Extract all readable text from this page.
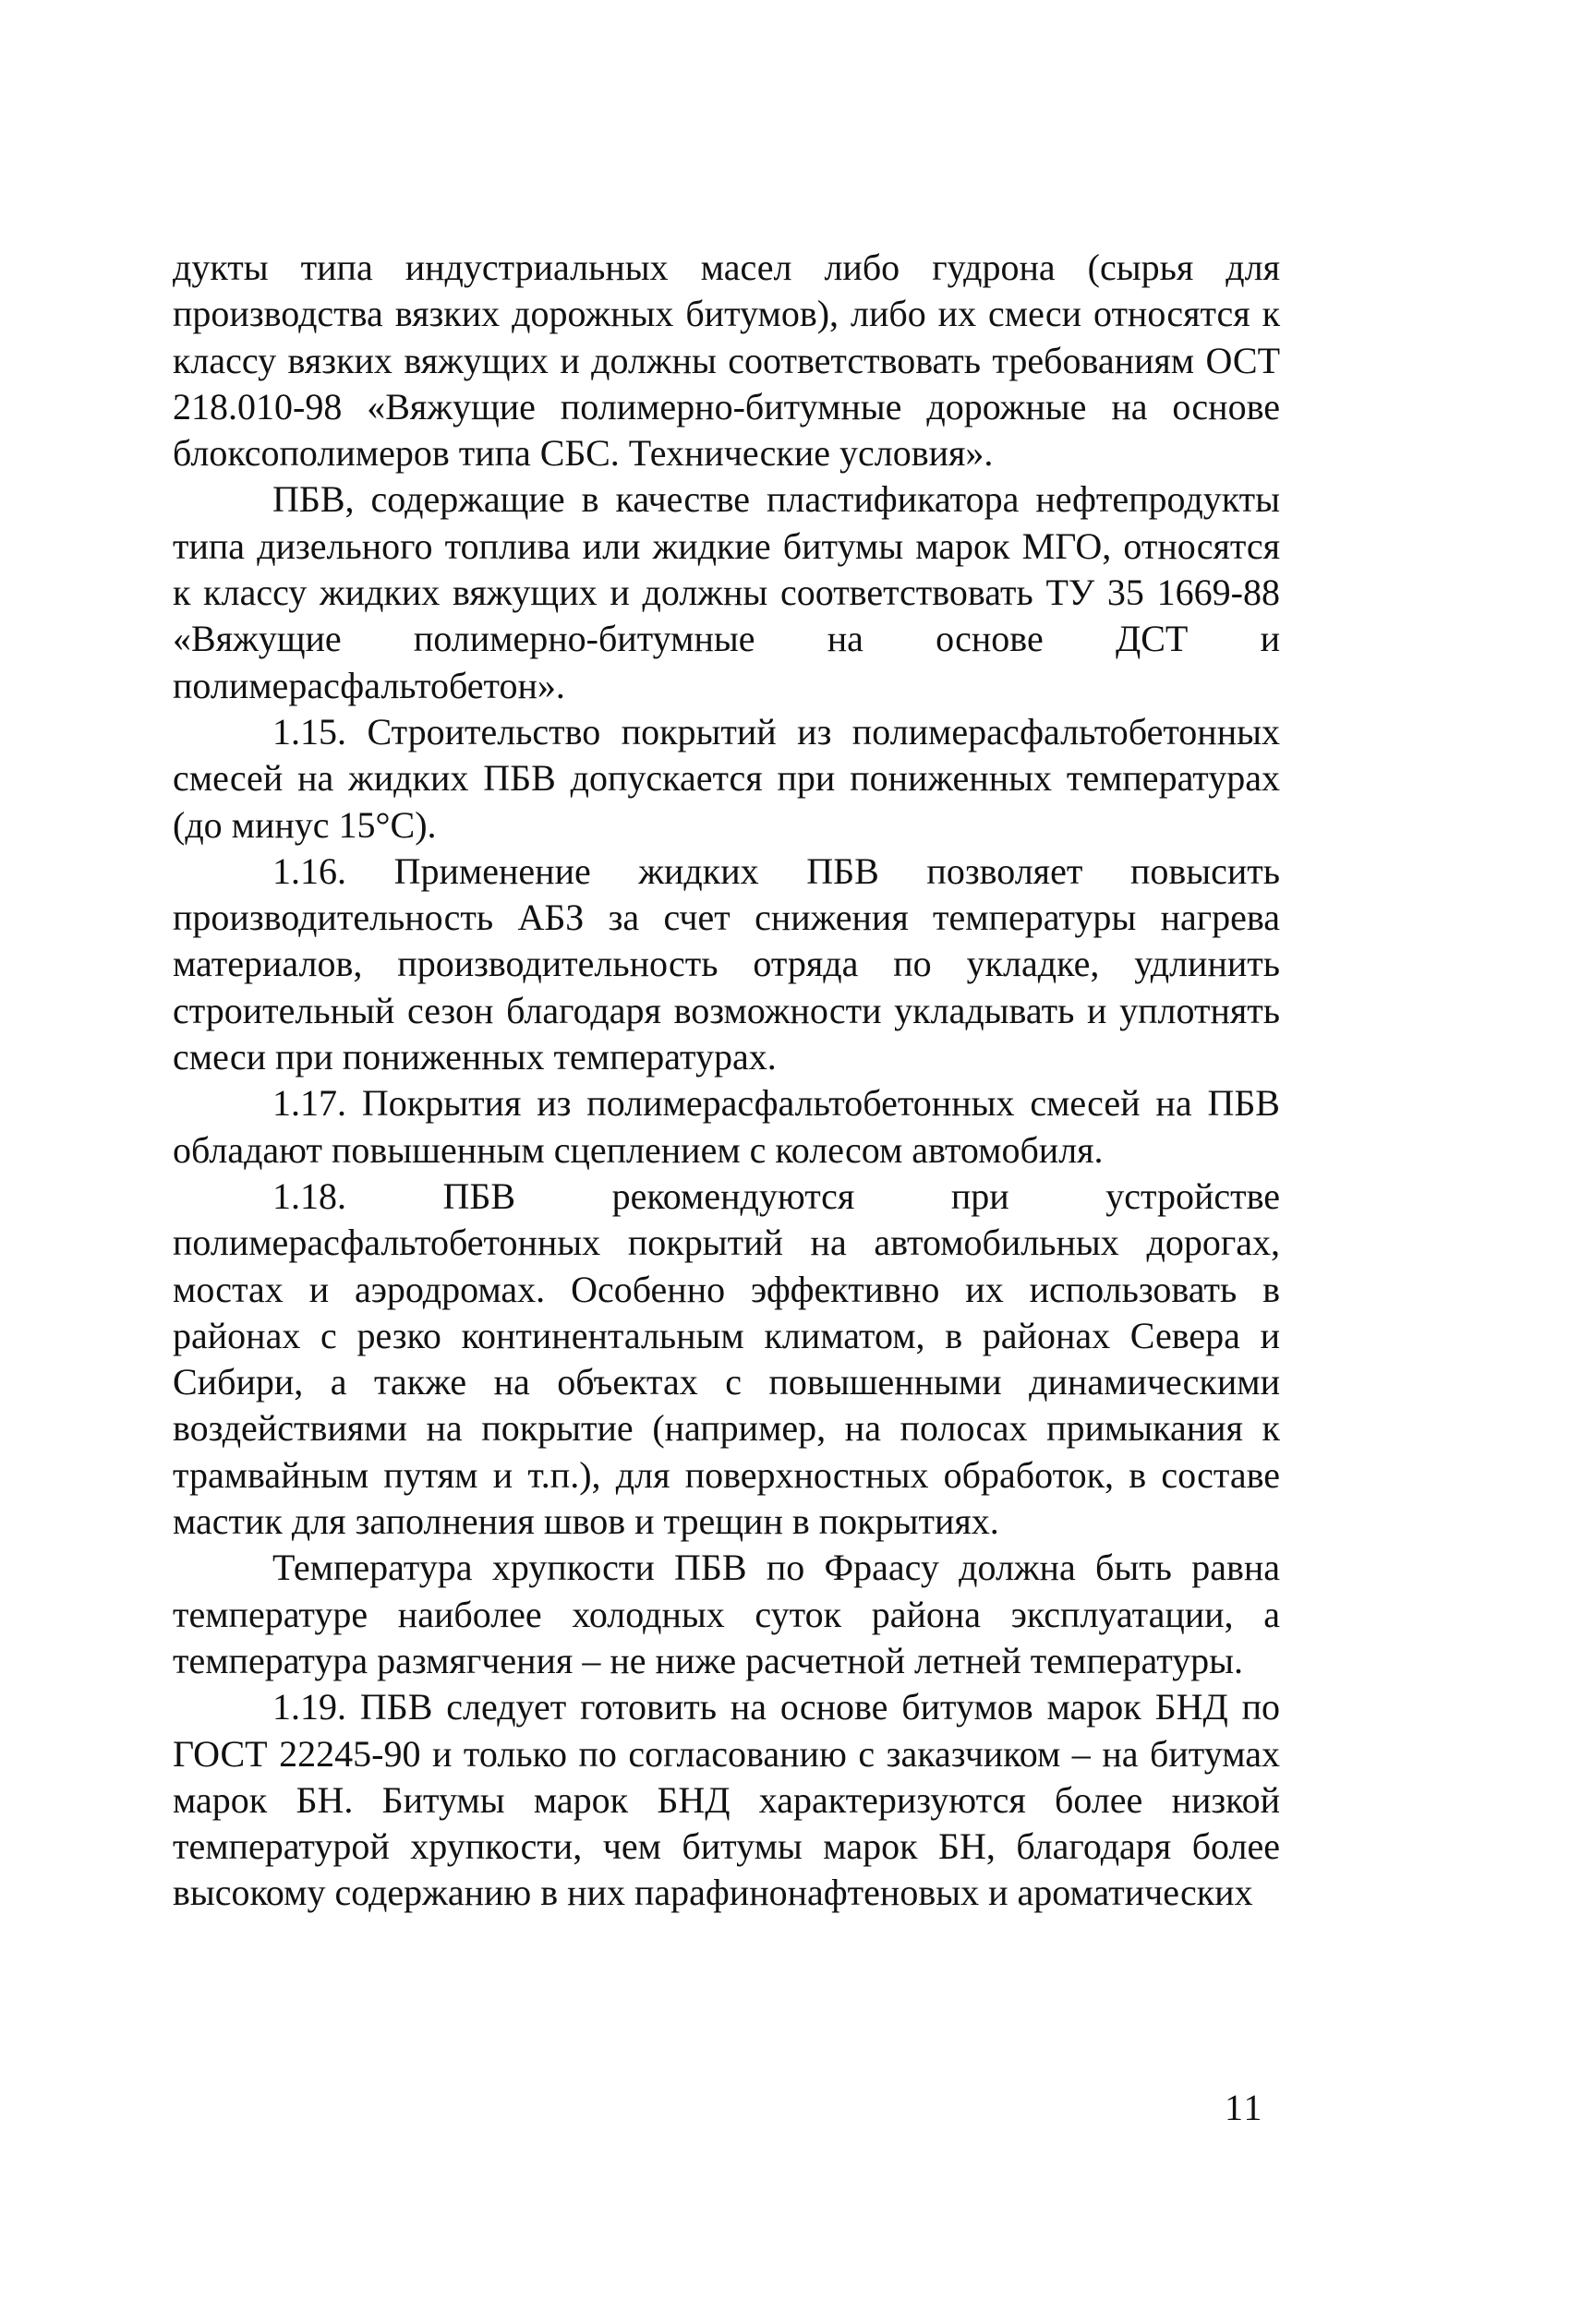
дукты типа индустриальных масел либо гудрона (сырья для производства вязких дорожных битумов), либо их смеси относятся к классу вязких вяжущих и должны соответствовать требованиям ОСТ 218.010-98 «Вяжущие полимерно-битумные дорожные на основе блоксополимеров типа СБС. Технические условия».

ПБВ, содержащие в качестве пластификатора нефтепродукты типа дизельного топлива или жидкие битумы марок МГО, относятся к классу жидких вяжущих и должны соответствовать ТУ 35 1669-88 «Вяжущие полимерно-битумные на основе ДСТ и полимерасфальтобетон».

1.15. Строительство покрытий из полимерасфальтобетонных смесей на жидких ПБВ допускается при пониженных температурах (до минус 15°С).

1.16. Применение жидких ПБВ позволяет повысить производительность АБЗ за счет снижения температуры нагрева материалов, производительность отряда по укладке, удлинить строительный сезон благодаря возможности укладывать и уплотнять смеси при пониженных температурах.

1.17. Покрытия из полимерасфальтобетонных смесей на ПБВ обладают повышенным сцеплением с колесом автомобиля.

1.18. ПБВ рекомендуются при устройстве полимерасфальтобетонных покрытий на автомобильных дорогах, мостах и аэродромах. Особенно эффективно их использовать в районах с резко континентальным климатом, в районах Севера и Сибири, а также на объектах с повышенными динамическими воздействиями на покрытие (например, на полосах примыкания к трамвайным путям и т.п.), для поверхностных обработок, в составе мастик для заполнения швов и трещин в покрытиях.

Температура хрупкости ПБВ по Фраасу должна быть равна температуре наиболее холодных суток района эксплуатации, а температура размягчения – не ниже расчетной летней температуры.

1.19. ПБВ следует готовить на основе битумов марок БНД по ГОСТ 22245-90 и только по согласованию с заказчиком – на битумах марок БН. Битумы марок БНД характеризуются более низкой температурой хрупкости, чем битумы марок БН, благодаря более высокому содержанию в них парафинонафтеновых и ароматических

11
